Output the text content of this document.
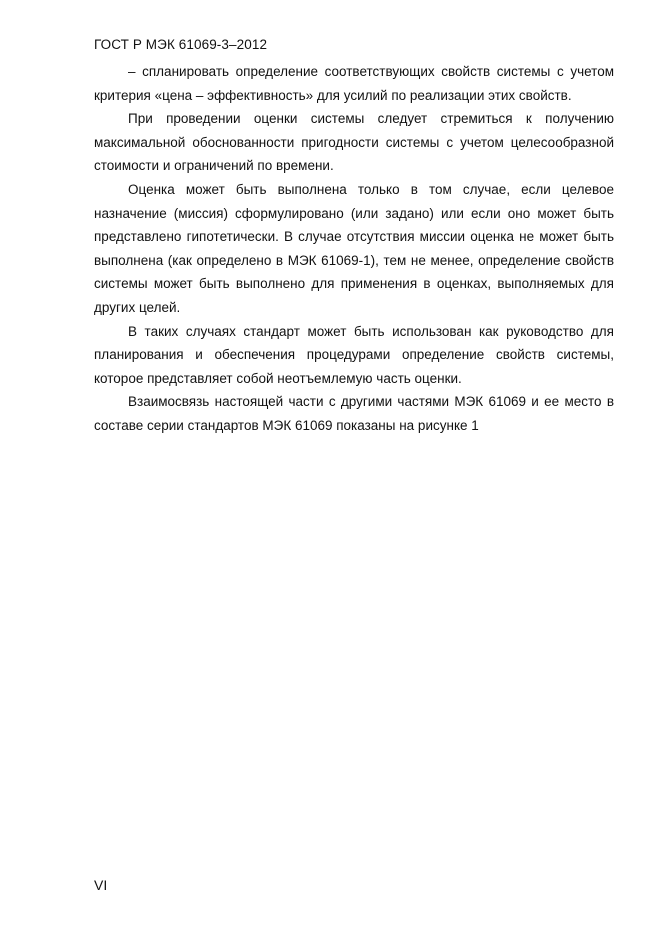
ГОСТ Р МЭК 61069-3–2012

– спланировать определение соответствующих свойств системы с учетом критерия «цена – эффективность» для усилий по реализации этих свойств.

При проведении оценки системы следует стремиться к получению максимальной обоснованности пригодности системы с учетом целесообразной стоимости и ограничений по времени.

Оценка может быть выполнена только в том случае, если целевое назначение (миссия) сформулировано (или задано) или если оно может быть представлено гипотетически. В случае отсутствия миссии оценка не может быть выполнена (как определено в МЭК 61069-1), тем не менее, определение свойств системы может быть выполнено для применения в оценках, выполняемых для других целей.

В таких случаях стандарт может быть использован как руководство для планирования и обеспечения процедурами определение свойств системы, которое представляет собой неотъемлемую часть оценки.

Взаимосвязь настоящей части с другими частями МЭК 61069 и ее место в составе серии стандартов МЭК 61069 показаны на рисунке 1

VI
